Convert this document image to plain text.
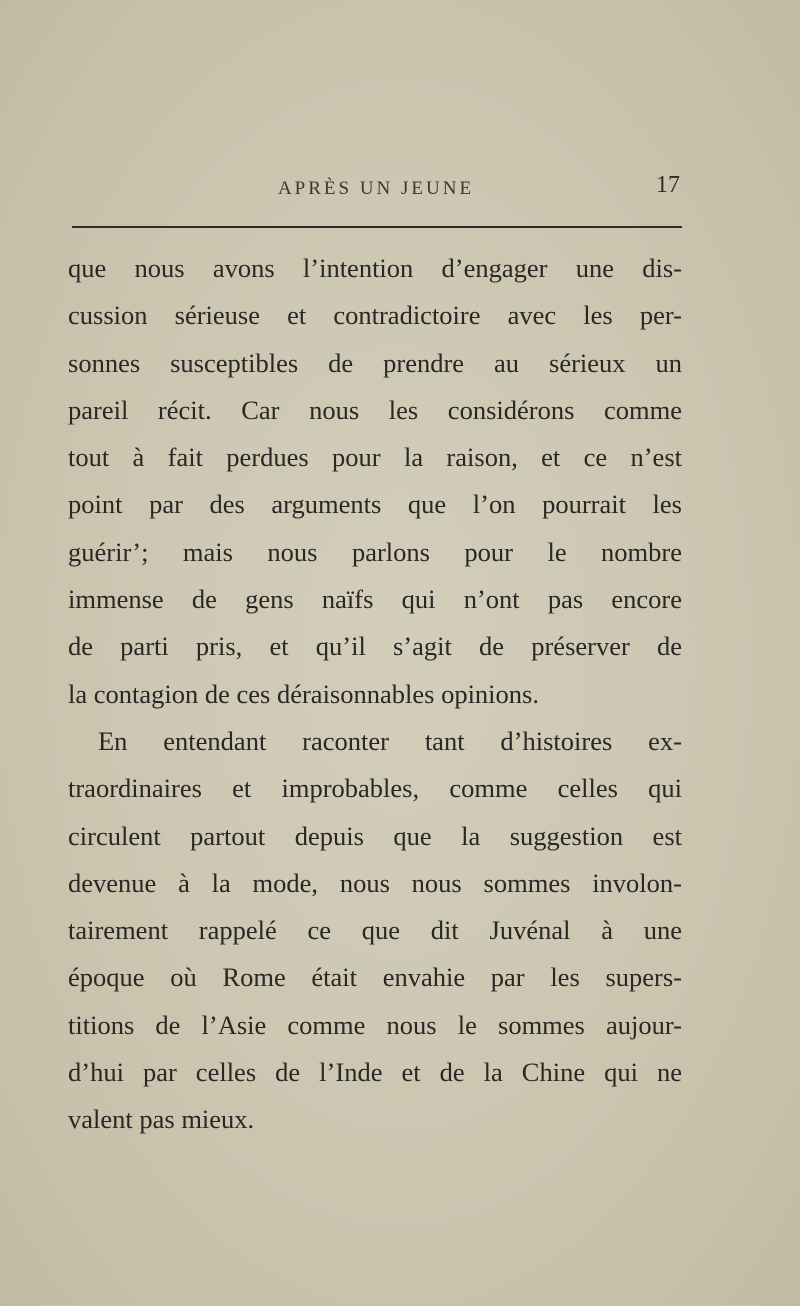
APRÈS UN JEUNE	17
que nous avons l’intention d’engager une dis-
cussion sérieuse et contradictoire avec les per-
sonnes susceptibles de prendre au sérieux un
pareil récit. Car nous les considérons comme
tout à fait perdues pour la raison, et ce n’est
point par des arguments que l’on pourrait les
guérir’; mais nous parlons pour le nombre
immense de gens naïfs qui n’ont pas encore
de parti pris, et qu’il s’agit de préserver de
la contagion de ces déraisonnables opinions.
En entendant raconter tant d’histoires ex-
traordinaires et improbables, comme celles qui
circulent partout depuis que la suggestion est
devenue à la mode, nous nous sommes involon-
tairement rappelé ce que dit Juvénal à une
époque où Rome était envahie par les supers-
titions de l’Asie comme nous le sommes aujour-
d’hui par celles de l’Inde et de la Chine qui ne
valent pas mieux.
